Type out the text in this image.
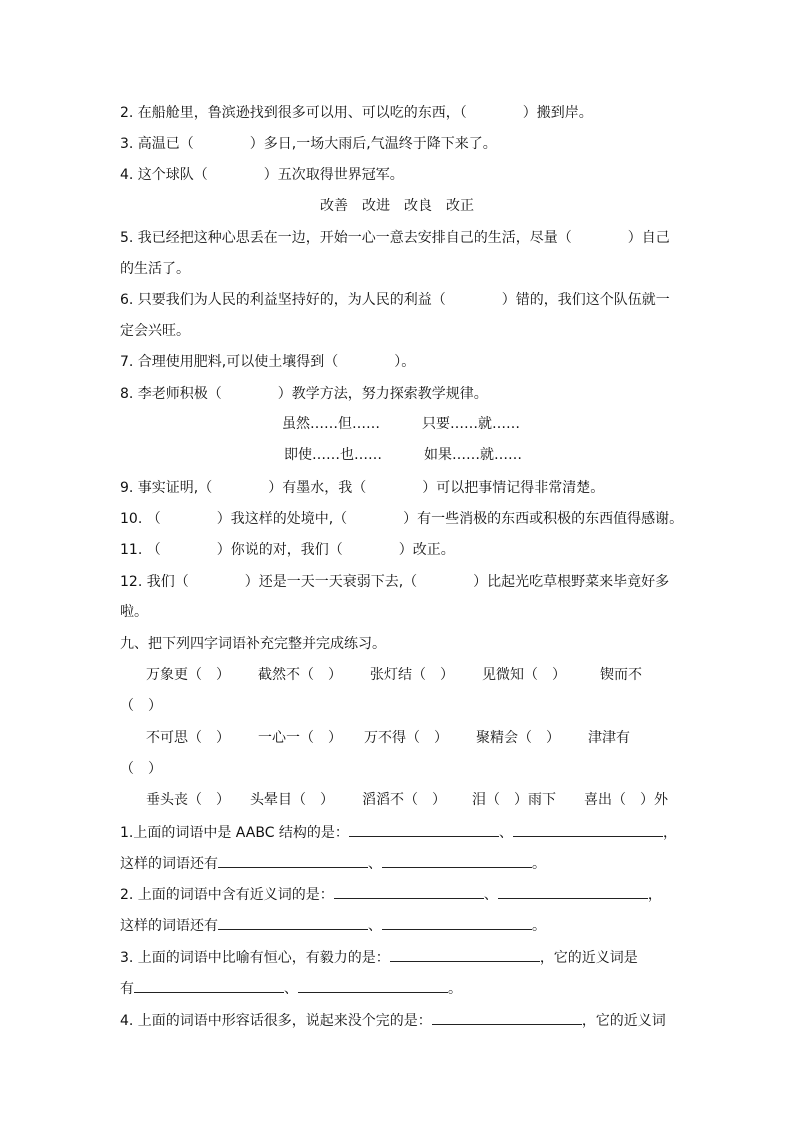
2. 在船舱里，鲁滨逊找到很多可以用、可以吃的东西，（　　　　）搬到岸。
3. 高温已（　　　　）多日,一场大雨后,气温终于降下来了。
4. 这个球队（　　　　）五次取得世界冠军。
改善　改进　改良　改正
5. 我已经把这种心思丢在一边，开始一心一意去安排自己的生活，尽量（　　　　）自己
的生活了。
6. 只要我们为人民的利益坚持好的，为人民的利益（　　　　）错的，我们这个队伍就一
定会兴旺。
7. 合理使用肥料,可以使土壤得到（　　　　）。
8. 李老师积极（　　　　）教学方法，努力探索教学规律。
虽然……但……　　　只要……就……
即使……也……　　　如果……就……
9. 事实证明,（　　　　）有墨水，我（　　　　）可以把事情记得非常清楚。
10. （　　　　）我这样的处境中,（　　　　）有一些消极的东西或积极的东西值得感谢。
11. （　　　　）你说的对，我们（　　　　）改正。
12. 我们（　　　　）还是一天一天衰弱下去,（　　　　）比起光吃草根野菜来毕竟好多
啦。
九、把下列四字词语补充完整并完成练习。
万象更（　） 截然不（　） 张灯结（　） 见微知（　） 锲而不
（　）
不可思（　） 一心一（　） 万不得（　） 聚精会（　） 津津有
（　）
垂头丧（　） 头晕目（　） 滔滔不（　） 泪（　）雨下 喜出（　）外
1.上面的词语中是 AABC 结构的是：	、	，
这样的词语还有	、	。
2. 上面的词语中含有近义词的是：	、	，
这样的词语还有	、	。
3. 上面的词语中比喻有恒心，有毅力的是：	，它的近义词是
有	、	。
4. 上面的词语中形容话很多，说起来没个完的是：	，它的近义词
